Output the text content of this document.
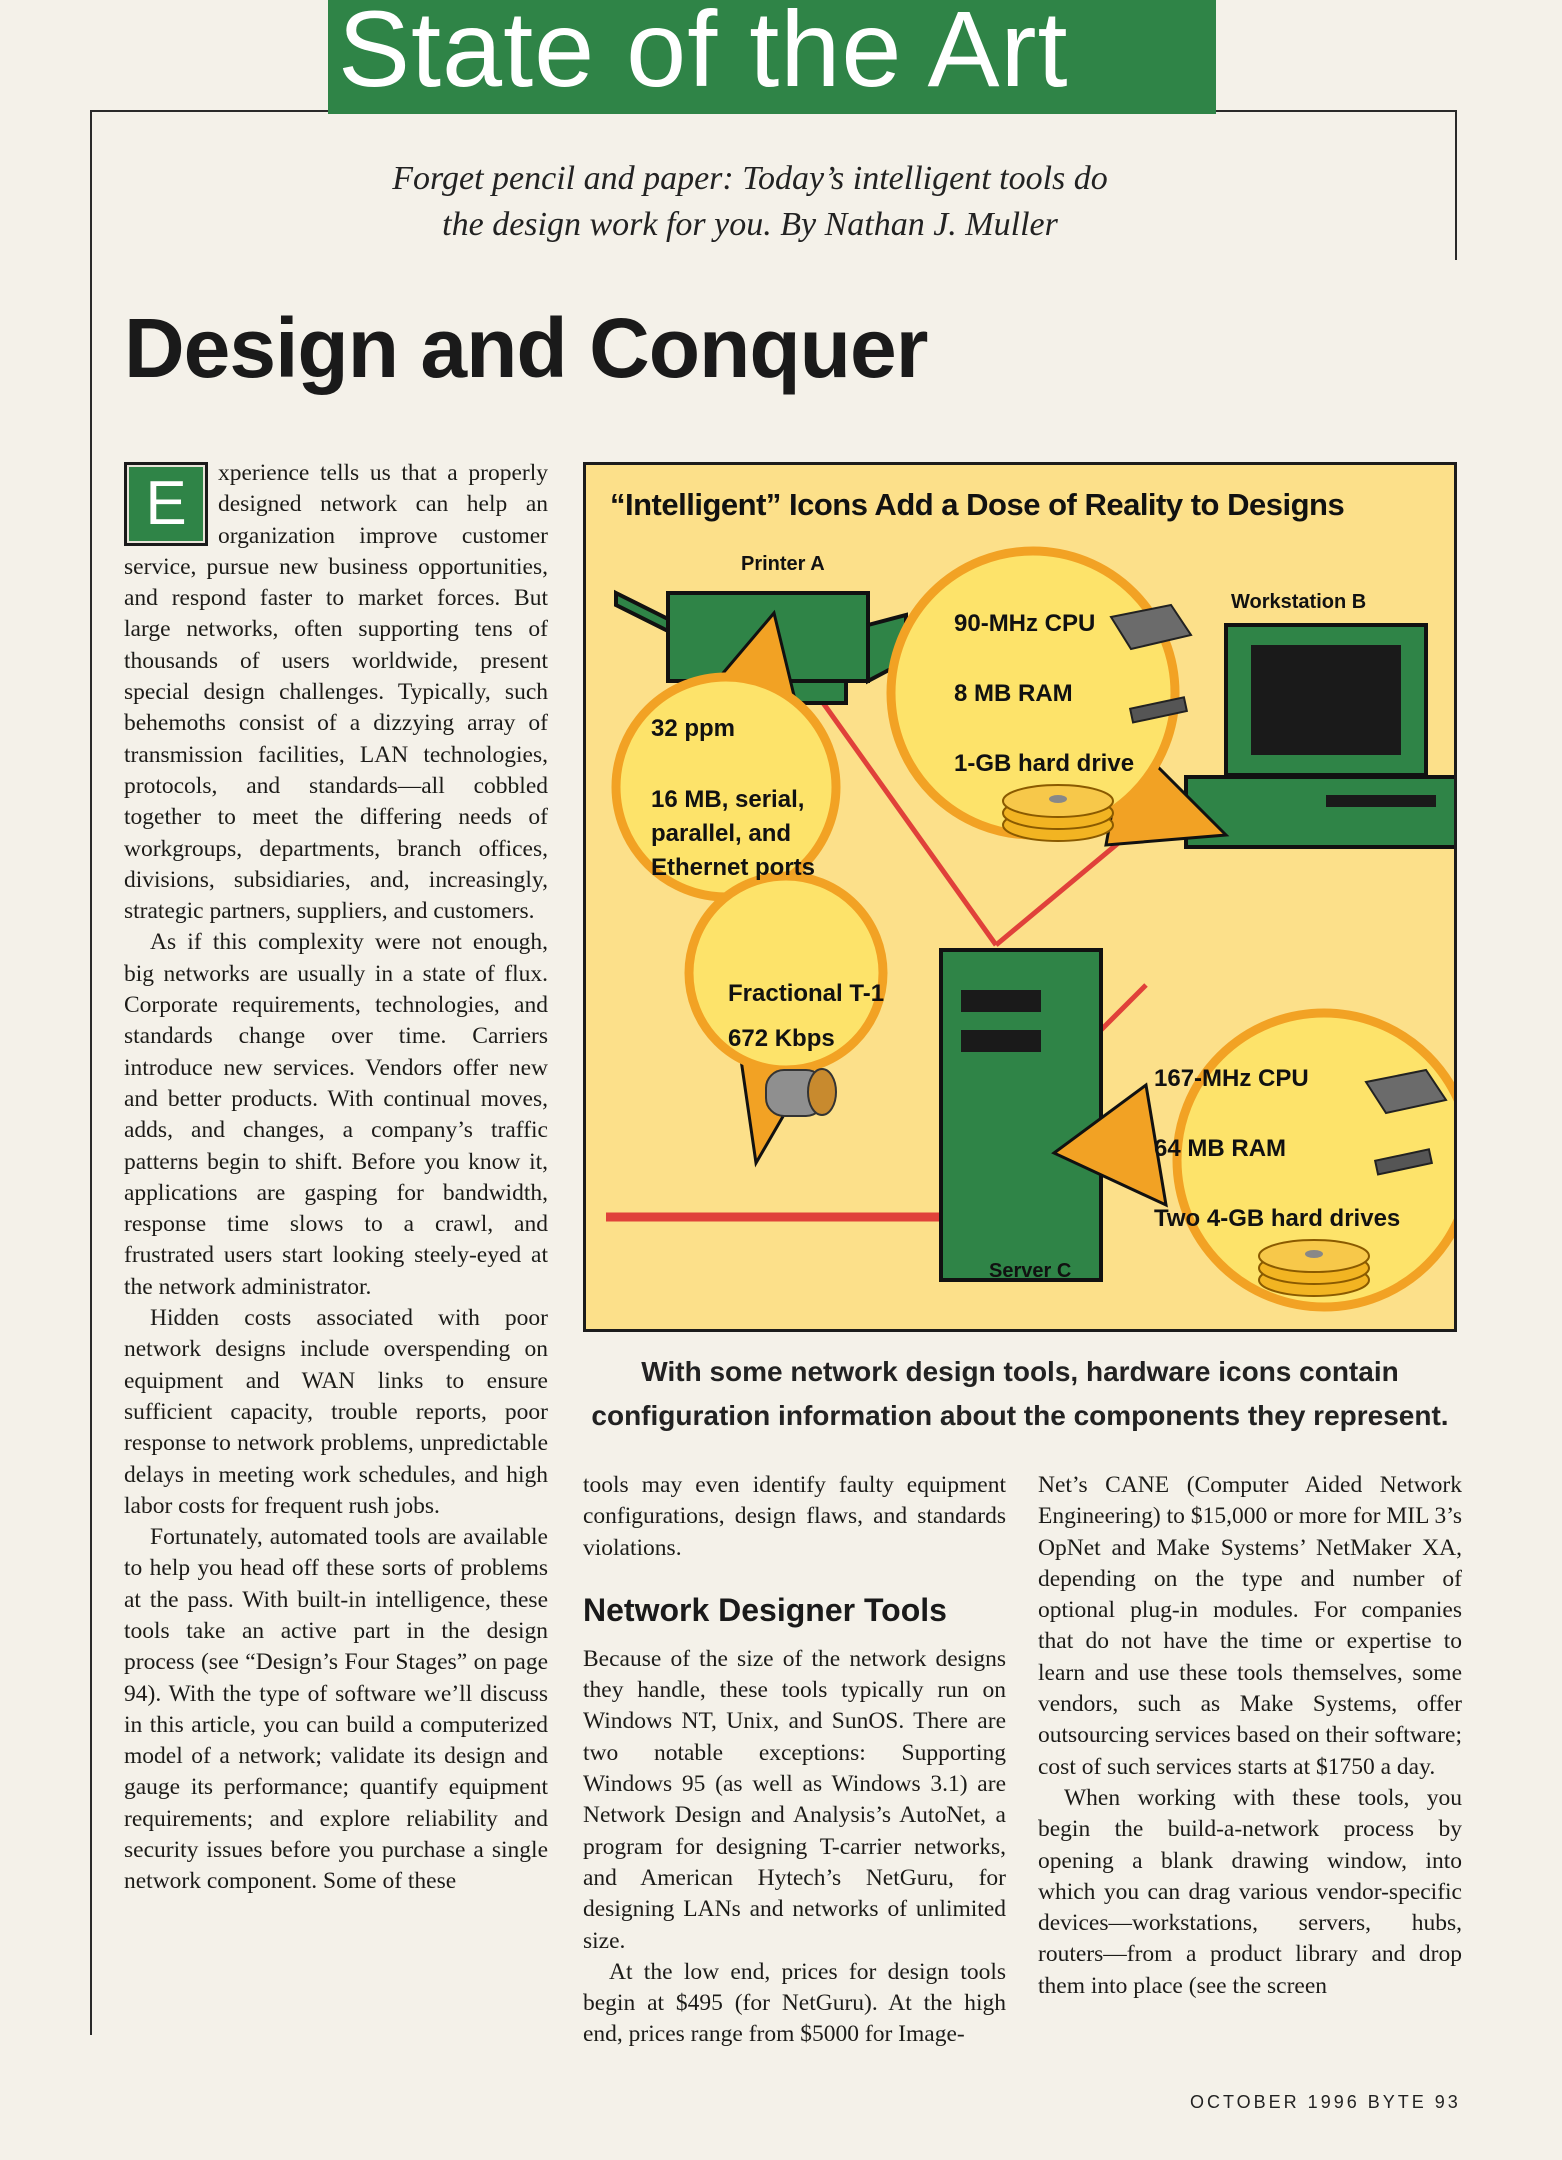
State of the Art
Forget pencil and paper: Today’s intelligent tools do
the design work for you. By Nathan J. Muller
Design and Conquer

E	xperience tells us that a properly designed network can help an organization improve customer service, pursue new business opportunities, and respond faster to market forces. But large networks, often supporting tens of thousands of users worldwide, present special design challenges. Typically, such behemoths consist of a dizzying array of transmission facilities, LAN technologies, protocols, and standards—all cobbled together to meet the differing needs of workgroups, departments, branch offices, divisions, subsidiaries, and, increasingly, strategic partners, suppliers, and customers.

As if this complexity were not enough, big networks are usually in a state of flux. Corporate requirements, technologies, and standards change over time. Carriers introduce new services. Vendors offer new and better products. With continual moves, adds, and changes, a company’s traffic patterns begin to shift. Before you know it, applications are gasping for bandwidth, response time slows to a crawl, and frustrated users start looking steely-eyed at the network administrator.

Hidden costs associated with poor network designs include overspending on equipment and WAN links to ensure sufficient capacity, trouble reports, poor response to network problems, unpredictable delays in meeting work schedules, and high labor costs for frequent rush jobs.

Fortunately, automated tools are available to help you head off these sorts of problems at the pass. With built-in intelligence, these tools take an active part in the design process (see “Design’s Four Stages” on page 94). With the type of software we’ll discuss in this article, you can build a computerized model of a network; validate its design and gauge its performance; quantify equipment requirements; and explore reliability and security issues before you purchase a single network component. Some of these

“Intelligent” Icons Add a Dose of Reality to Designs
Printer A
Workstation B
Server C
32 ppm
16 MB, serial,
parallel, and
Ethernet ports
90-MHz CPU
8 MB RAM
1-GB hard drive
Fractional T-1
672 Kbps
167-MHz CPU
64 MB RAM
Two 4-GB hard drives
With some network design tools, hardware icons contain
configuration information about the components they represent.

tools may even identify faulty equipment configurations, design flaws, and standards violations.

Network Designer Tools

Because of the size of the network designs they handle, these tools typically run on Windows NT, Unix, and SunOS. There are two notable exceptions: Supporting Windows 95 (as well as Windows 3.1) are Network Design and Analysis’s AutoNet, a program for designing T-carrier networks, and American Hytech’s NetGuru, for designing LANs and networks of unlimited size.

At the low end, prices for design tools begin at $495 (for NetGuru). At the high end, prices range from $5000 for Image-

Net’s CANE (Computer Aided Network Engineering) to $15,000 or more for MIL 3’s OpNet and Make Systems’ NetMaker XA, depending on the type and number of optional plug-in modules. For companies that do not have the time or expertise to learn and use these tools themselves, some vendors, such as Make Systems, offer outsourcing services based on their software; cost of such services starts at $1750 a day.

When working with these tools, you begin the build-a-network process by opening a blank drawing window, into which you can drag various vendor-specific devices—workstations, servers, hubs, routers—from a product library and drop them into place (see the screen

OCTOBER 1996 BYTE 93
